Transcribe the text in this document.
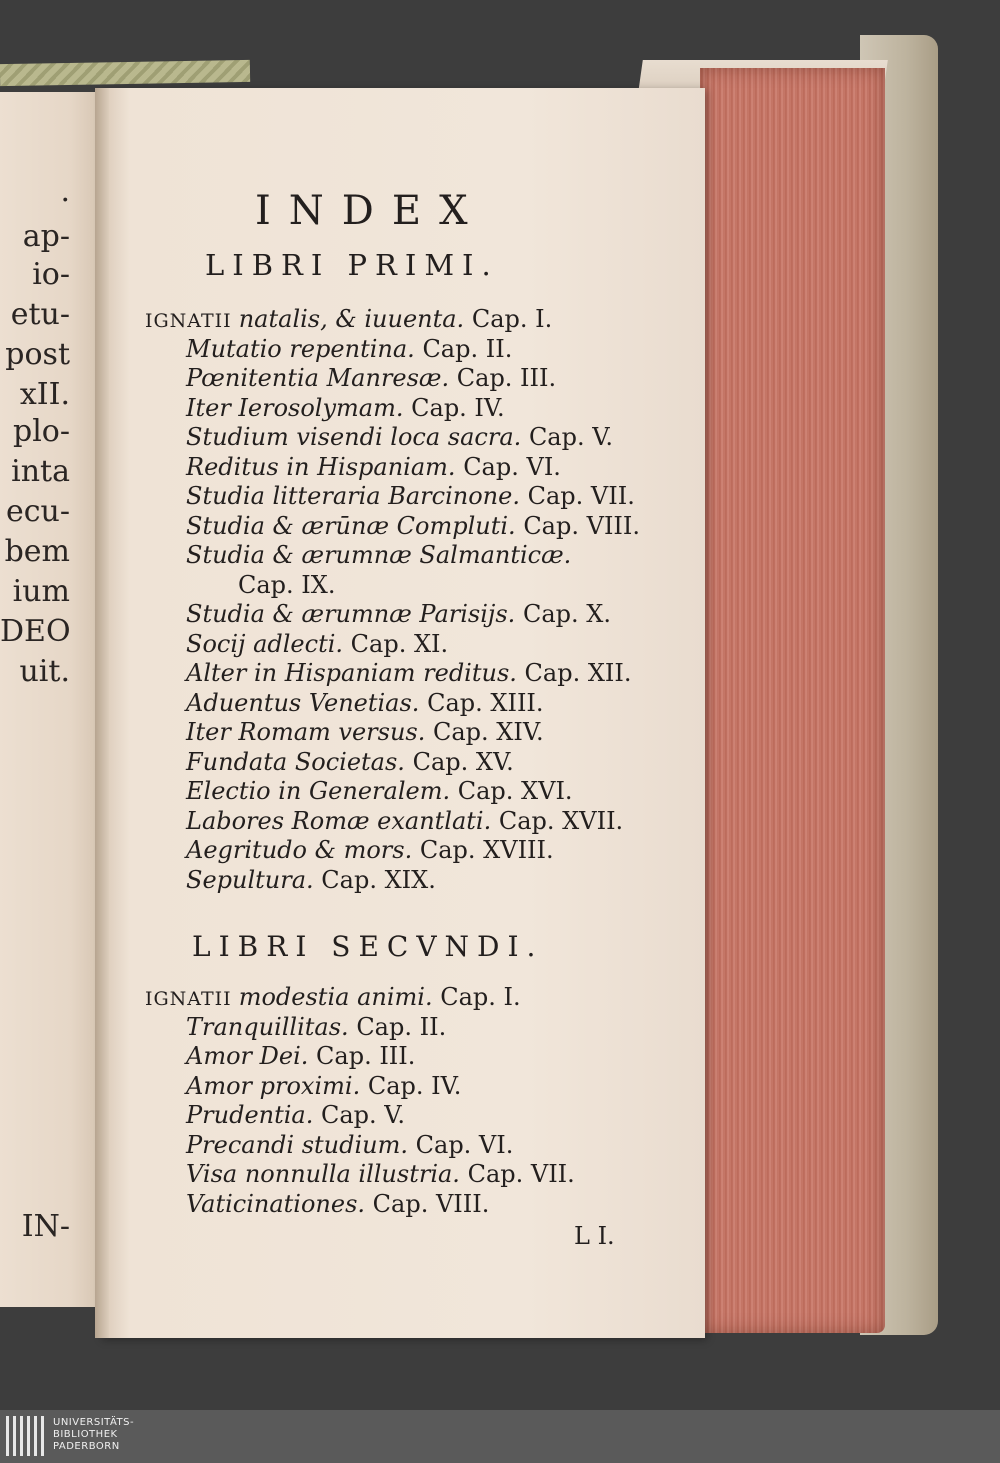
.
ap-
io-
etu-
post
xII.
plo-
inta
ecu-
bem
ium
DEO
uit.
IN-
INDEX
LIBRI PRIMI.
IGNATII natalis, & iuuenta. Cap. I.
Mutatio repentina. Cap. II.
Pœnitentia Manresæ. Cap. III.
Iter Ierosolymam. Cap. IV.
Studium visendi loca sacra. Cap. V.
Reditus in Hispaniam. Cap. VI.
Studia litteraria Barcinone. Cap. VII.
Studia & ærūnæ Compluti. Cap. VIII.
Studia & ærumnæ Salmanticæ.
Cap. IX.
Studia & ærumnæ Parisijs. Cap. X.
Socij adlecti. Cap. XI.
Alter in Hispaniam reditus. Cap. XII.
Aduentus Venetias. Cap. XIII.
Iter Romam versus. Cap. XIV.
Fundata Societas. Cap. XV.
Electio in Generalem. Cap. XVI.
Labores Romæ exantlati. Cap. XVII.
Aegritudo & mors. Cap. XVIII.
Sepultura. Cap. XIX.
LIBRI SECVNDI.
IGNATII modestia animi. Cap. I.
Tranquillitas. Cap. II.
Amor Dei. Cap. III.
Amor proximi. Cap. IV.
Prudentia. Cap. V.
Precandi studium. Cap. VI.
Visa nonnulla illustria. Cap. VII.
Vaticinationes. Cap. VIII.
L I.
UNIVERSITÄTS-
BIBLIOTHEK
PADERBORN
